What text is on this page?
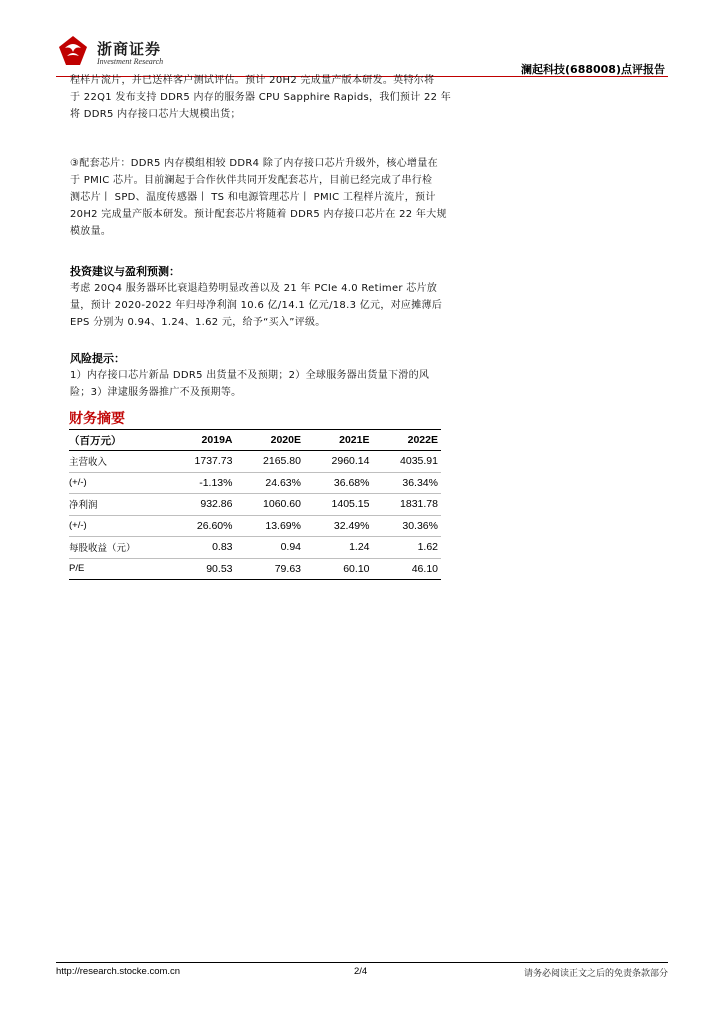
浙商证券
Investment Research
澜起科技(688008)点评报告

程样片流片，并已送样客户测试评估。预计 20H2 完成量产版本研发。英特尔将

于 22Q1 发布支持 DDR5 内存的服务器 CPU Sapphire Rapids，我们预计 22 年

将 DDR5 内存接口芯片大规模出货；

③配套芯片：DDR5 内存模组相较 DDR4 除了内存接口芯片升级外，核心增量在

于 PMIC 芯片。目前澜起于合作伙伴共同开发配套芯片，目前已经完成了串行检

测芯片丨 SPD、温度传感器丨 TS 和电源管理芯片丨 PMIC 工程样片流片，预计

20H2 完成量产版本研发。预计配套芯片将随着 DDR5 内存接口芯片在 22 年大规

模放量。

投资建议与盈利预测：

考虑 20Q4 服务器环比衰退趋势明显改善以及 21 年 PCIe 4.0 Retimer 芯片放

量，预计 2020-2022 年归母净利润 10.6 亿/14.1 亿元/18.3 亿元，对应摊薄后

EPS 分别为 0.94、1.24、1.62 元，给予“买入”评级。

风险提示：

1）内存接口芯片新品 DDR5 出货量不及预期；2）全球服务器出货量下滑的风

险；3）津逮服务器推广不及预期等。

财务摘要
（百万元）	2019A	2020E	2021E	2022E
主营收入	1737.73	2165.80	2960.14	4035.91
(+/-)	-1.13%	24.63%	36.68%	36.34%
净利润	932.86	1060.60	1405.15	1831.78
(+/-)	26.60%	13.69%	32.49%	30.36%
每股收益（元）	0.83	0.94	1.24	1.62
P/E	90.53	79.63	60.10	46.10
http://research.stocke.com.cn	2/4	请务必阅读正文之后的免责条款部分
